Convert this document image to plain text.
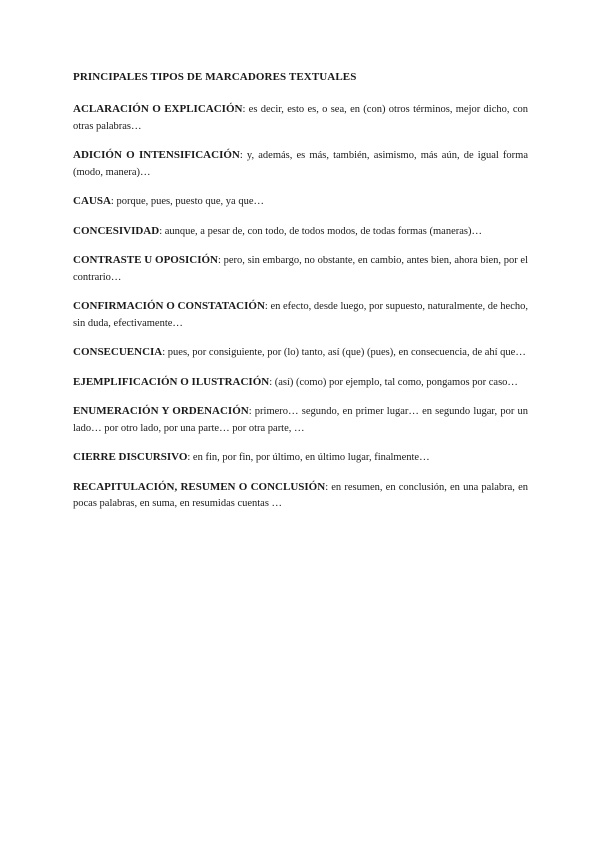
PRINCIPALES TIPOS DE MARCADORES TEXTUALES

ACLARACIÓN O EXPLICACIÓN: es decir, esto es, o sea, en (con) otros términos, mejor dicho, con otras palabras…

ADICIÓN O INTENSIFICACIÓN: y, además, es más, también, asimismo, más aún, de igual forma (modo, manera)…

CAUSA: porque, pues, puesto que, ya que…

CONCESIVIDAD: aunque, a pesar de, con todo, de todos modos, de todas formas (maneras)…

CONTRASTE U OPOSICIÓN: pero, sin embargo, no obstante, en cambio, antes bien, ahora bien, por el contrario…

CONFIRMACIÓN O CONSTATACIÓN: en efecto, desde luego, por supuesto, naturalmente, de hecho, sin duda, efectivamente…

CONSECUENCIA: pues, por consiguiente, por (lo) tanto, así (que) (pues), en consecuencia, de ahí que…

EJEMPLIFICACIÓN O ILUSTRACIÓN: (así) (como) por ejemplo, tal como, pongamos por caso…

ENUMERACIÓN Y ORDENACIÓN: primero… segundo, en primer lugar… en segundo lugar, por un lado… por otro lado, por una parte… por otra parte, …

CIERRE DISCURSIVO: en fin, por fin, por último, en último lugar, finalmente…

RECAPITULACIÓN, RESUMEN O CONCLUSIÓN: en resumen, en conclusión, en una palabra, en pocas palabras, en suma, en resumidas cuentas …
